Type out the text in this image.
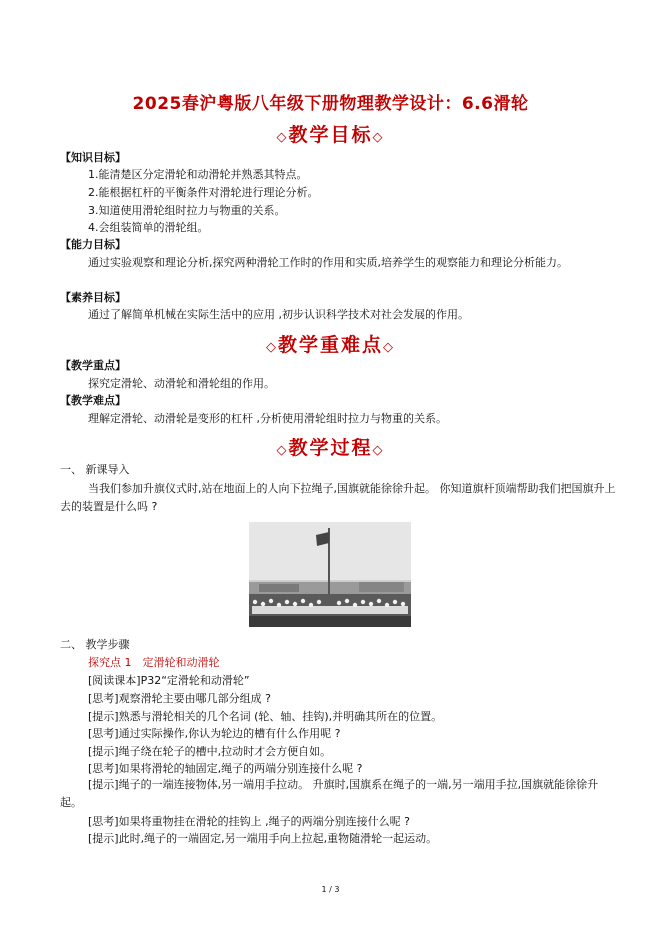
2025春沪粤版八年级下册物理教学设计：6.6滑轮
◇教学目标◇
【知识目标】
1.能清楚区分定滑轮和动滑轮并熟悉其特点。
2.能根据杠杆的平衡条件对滑轮进行理论分析。
3.知道使用滑轮组时拉力与物重的关系。
4.会组装简单的滑轮组。
【能力目标】
通过实验观察和理论分析,探究两种滑轮工作时的作用和实质,培养学生的观察能力和理论分析能力。
【素养目标】
通过了解简单机械在实际生活中的应用 ,初步认识科学技术对社会发展的作用。
◇教学重难点◇
【教学重点】
探究定滑轮、动滑轮和滑轮组的作用。
【教学难点】
理解定滑轮、动滑轮是变形的杠杆 ,分析使用滑轮组时拉力与物重的关系。
◇教学过程◇
一、 新课导入
当我们参加升旗仪式时,站在地面上的人向下拉绳子,国旗就能徐徐升起。 你知道旗杆顶端帮助我们把国旗升上去的装置是什么吗 ?
二、 教学步骤
探究点 1　定滑轮和动滑轮
[阅读课本]P32“定滑轮和动滑轮”
[思考]观察滑轮主要由哪几部分组成 ?
[提示]熟悉与滑轮相关的几个名词 (轮、轴、挂钩),并明确其所在的位置。
[思考]通过实际操作,你认为轮边的槽有什么作用呢 ?
[提示]绳子绕在轮子的槽中,拉动时才会方便自如。
[思考]如果将滑轮的轴固定,绳子的两端分别连接什么呢 ?
[提示]绳子的一端连接物体,另一端用手拉动。 升旗时,国旗系在绳子的一端,另一端用手拉,国旗就能徐徐升起。
[思考]如果将重物挂在滑轮的挂钩上 ,绳子的两端分别连接什么呢 ?
[提示]此时,绳子的一端固定,另一端用手向上拉起,重物随滑轮一起运动。
1 / 3
